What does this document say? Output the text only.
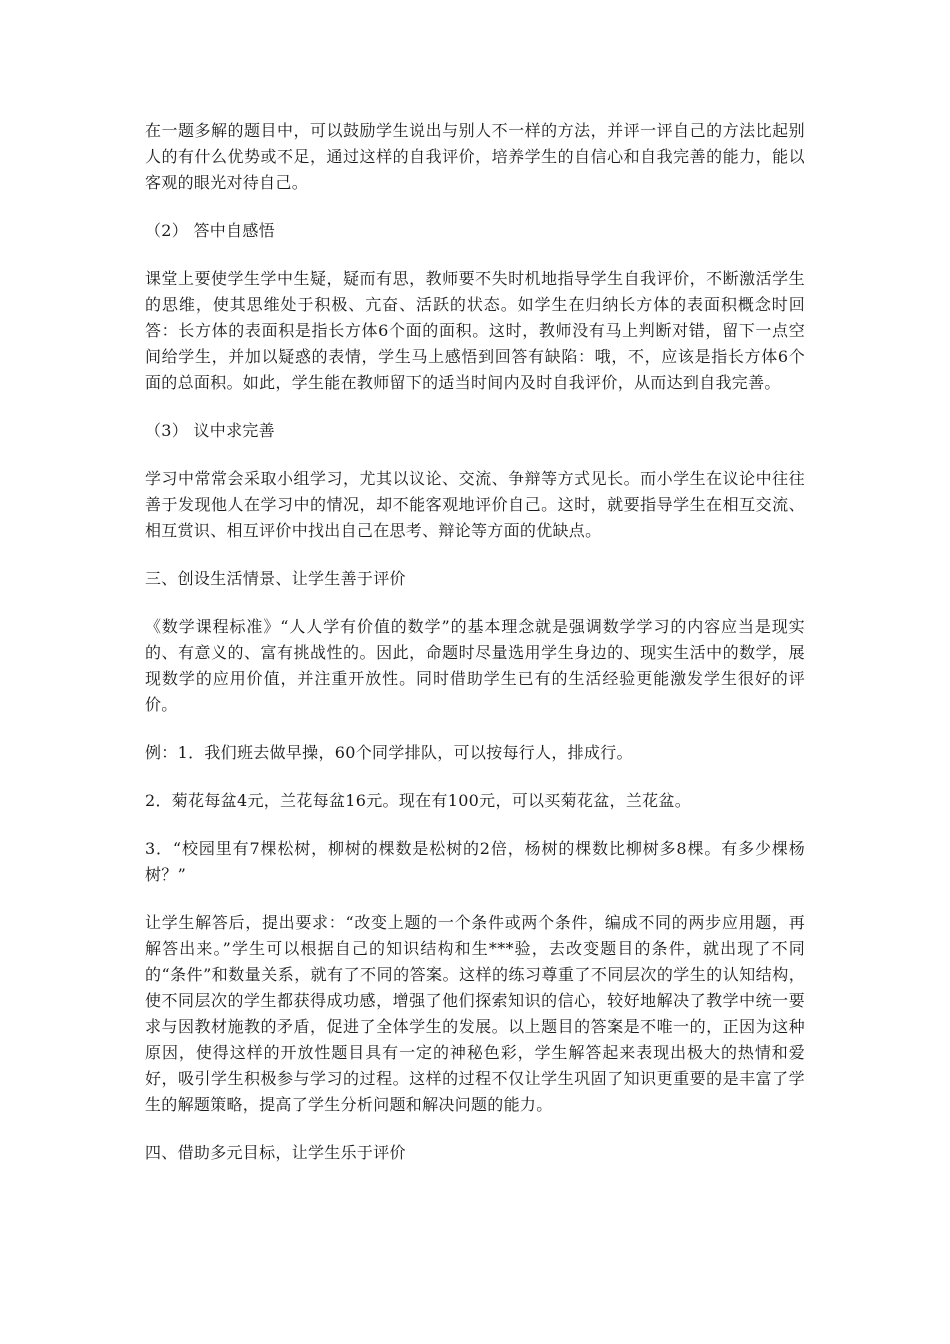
在一题多解的题目中，可以鼓励学生说出与别人不一样的方法，并评一评自己的方法比起别人的有什么优势或不足，通过这样的自我评价，培养学生的自信心和自我完善的能力，能以客观的眼光对待自己。

（2） 答中自感悟

课堂上要使学生学中生疑，疑而有思，教师要不失时机地指导学生自我评价，不断激活学生的思维，使其思维处于积极、亢奋、活跃的状态。如学生在归纳长方体的表面积概念时回答：长方体的表面积是指长方体6个面的面积。这时，教师没有马上判断对错，留下一点空间给学生，并加以疑惑的表情，学生马上感悟到回答有缺陷：哦，不，应该是指长方体6个面的总面积。如此，学生能在教师留下的适当时间内及时自我评价，从而达到自我完善。

（3） 议中求完善

学习中常常会采取小组学习，尤其以议论、交流、争辩等方式见长。而小学生在议论中往往善于发现他人在学习中的情况，却不能客观地评价自己。这时，就要指导学生在相互交流、相互赏识、相互评价中找出自己在思考、辩论等方面的优缺点。

三、创设生活情景、让学生善于评价

《数学课程标准》“人人学有价值的数学”的基本理念就是强调数学学习的内容应当是现实的、有意义的、富有挑战性的。因此，命题时尽量选用学生身边的、现实生活中的数学，展现数学的应用价值，并注重开放性。同时借助学生已有的生活经验更能激发学生很好的评价。

例：1．我们班去做早操，60个同学排队，可以按每行人，排成行。

2．菊花每盆4元，兰花每盆16元。现在有100元，可以买菊花盆，兰花盆。

3．“校园里有7棵松树，柳树的棵数是松树的2倍，杨树的棵数比柳树多8棵。有多少棵杨树？”

让学生解答后，提出要求：“改变上题的一个条件或两个条件，编成不同的两步应用题，再解答出来。”学生可以根据自己的知识结构和生***验，去改变题目的条件，就出现了不同的“条件”和数量关系，就有了不同的答案。这样的练习尊重了不同层次的学生的认知结构，使不同层次的学生都获得成功感，增强了他们探索知识的信心，较好地解决了教学中统一要求与因教材施教的矛盾，促进了全体学生的发展。以上题目的答案是不唯一的，正因为这种原因，使得这样的开放性题目具有一定的神秘色彩，学生解答起来表现出极大的热情和爱好，吸引学生积极参与学习的过程。这样的过程不仅让学生巩固了知识更重要的是丰富了学生的解题策略，提高了学生分析问题和解决问题的能力。

四、借助多元目标，让学生乐于评价
